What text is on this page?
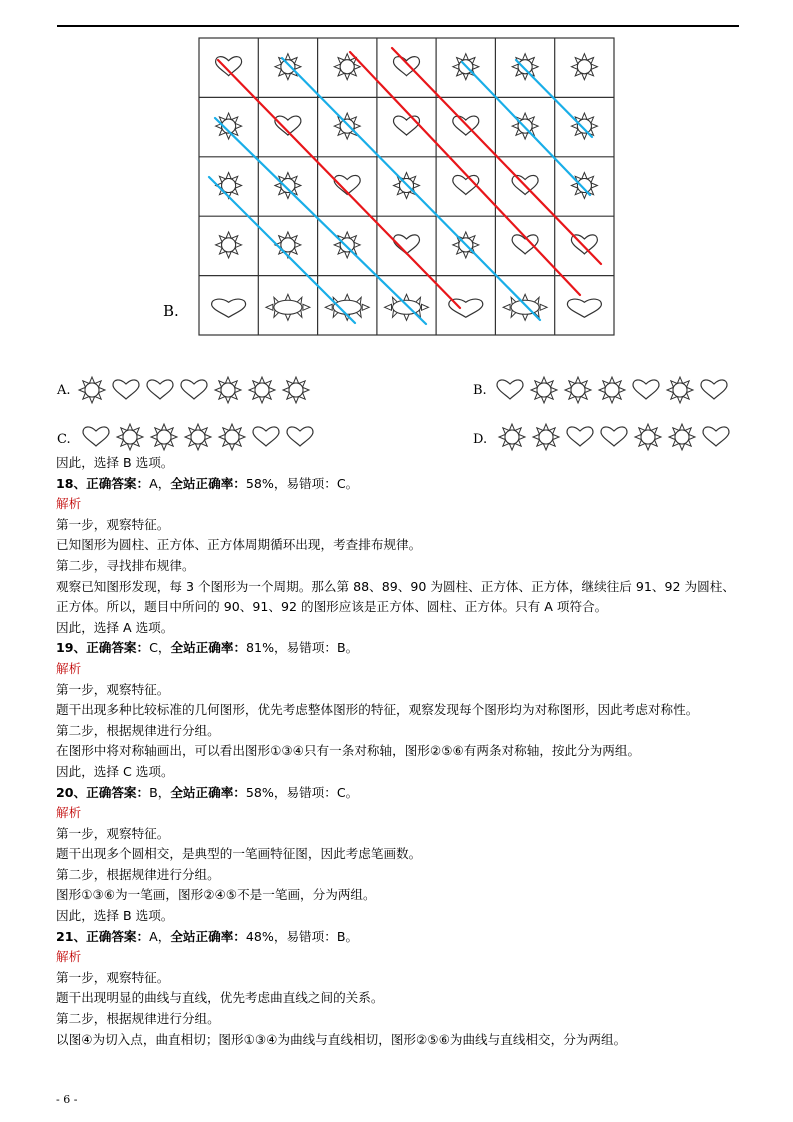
B.
A.	B.
C.	D.

因此，选择 B 选项。

18、正确答案：A，全站正确率：58%，易错项：C。

解析

第一步，观察特征。

已知图形为圆柱、正方体、正方体周期循环出现，考查排布规律。

第二步，寻找排布规律。

观察已知图形发现，每 3 个图形为一个周期。那么第 88、89、90 为圆柱、正方体、正方体，继续往后 91、92 为圆柱、正方体。所以，题目中所问的 90、91、92 的图形应该是正方体、圆柱、正方体。只有 A 项符合。

因此，选择 A 选项。

19、正确答案：C，全站正确率：81%，易错项：B。

解析

第一步，观察特征。

题干出现多种比较标准的几何图形，优先考虑整体图形的特征，观察发现每个图形均为对称图形，因此考虑对称性。

第二步，根据规律进行分组。

在图形中将对称轴画出，可以看出图形①③④只有一条对称轴，图形②⑤⑥有两条对称轴，按此分为两组。

因此，选择 C 选项。

20、正确答案：B，全站正确率：58%，易错项：C。

解析

第一步，观察特征。

题干出现多个圆相交，是典型的一笔画特征图，因此考虑笔画数。

第二步，根据规律进行分组。

图形①③⑥为一笔画，图形②④⑤不是一笔画，分为两组。

因此，选择 B 选项。

21、正确答案：A，全站正确率：48%，易错项：B。

解析

第一步，观察特征。

题干出现明显的曲线与直线，优先考虑曲直线之间的关系。

第二步，根据规律进行分组。

以图④为切入点，曲直相切；图形①③④为曲线与直线相切，图形②⑤⑥为曲线与直线相交，分为两组。

- 6 -
